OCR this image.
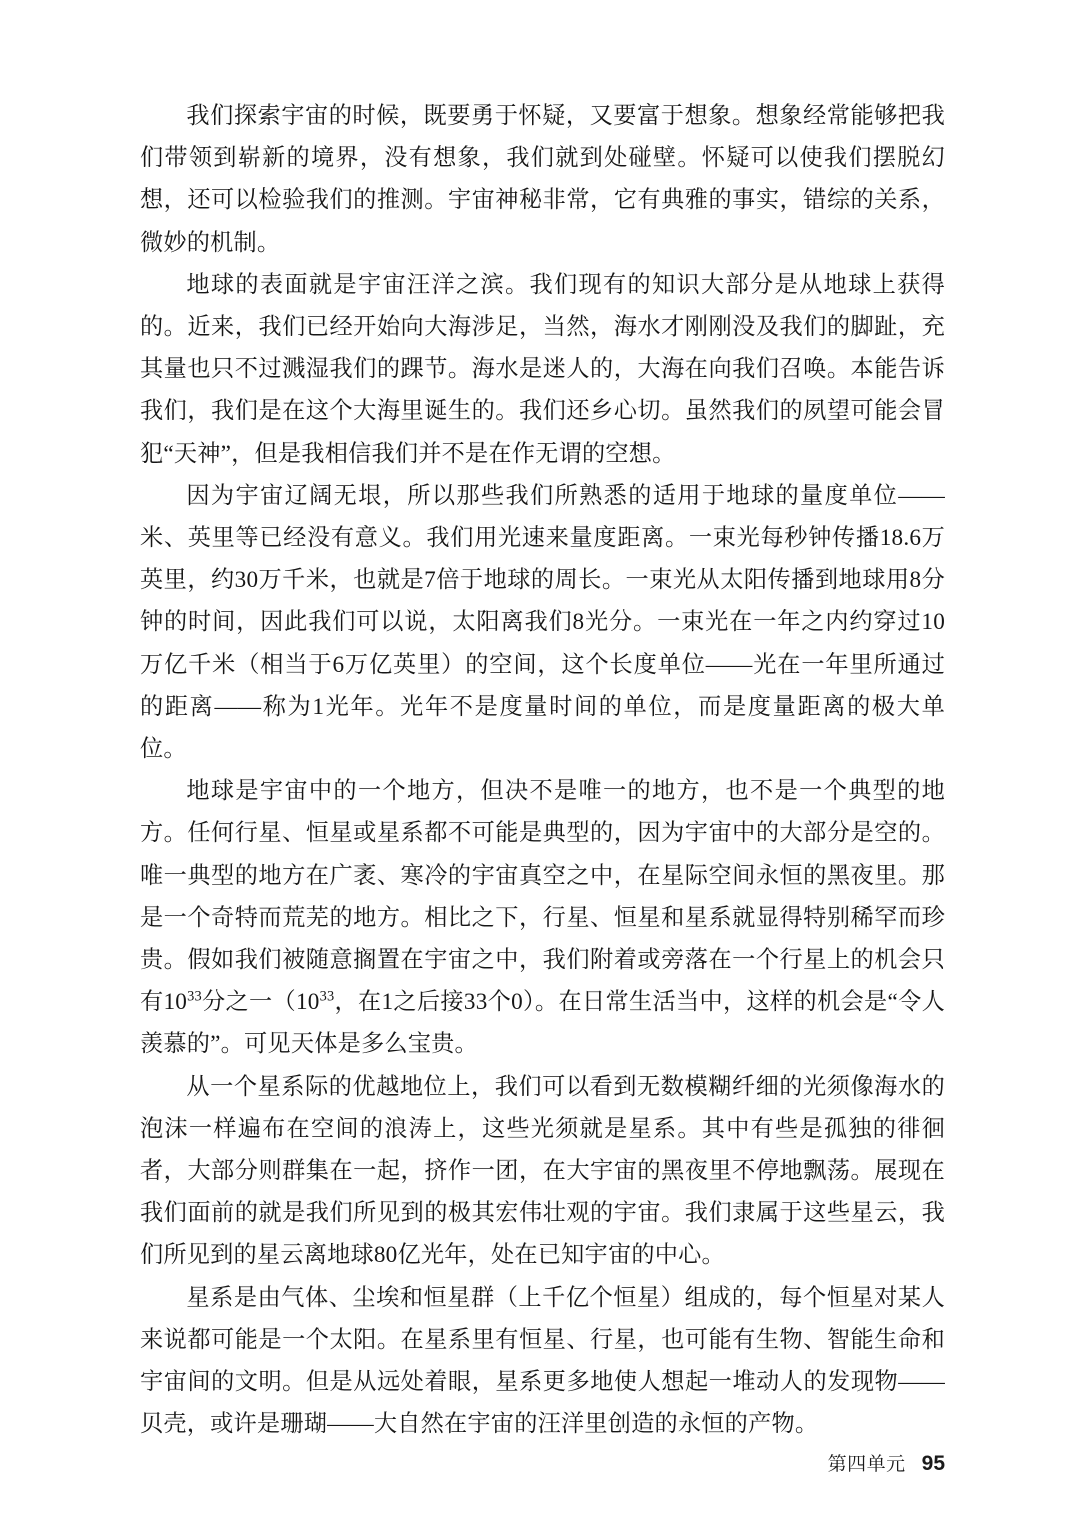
我们探索宇宙的时候，既要勇于怀疑，又要富于想象。想象经常能够把我们带领到崭新的境界，没有想象，我们就到处碰壁。怀疑可以使我们摆脱幻想，还可以检验我们的推测。宇宙神秘非常，它有典雅的事实，错综的关系，微妙的机制。

地球的表面就是宇宙汪洋之滨。我们现有的知识大部分是从地球上获得的。近来，我们已经开始向大海涉足，当然，海水才刚刚没及我们的脚趾，充其量也只不过溅湿我们的踝节。海水是迷人的，大海在向我们召唤。本能告诉我们，我们是在这个大海里诞生的。我们还乡心切。虽然我们的夙望可能会冒犯“天神”，但是我相信我们并不是在作无谓的空想。

因为宇宙辽阔无垠，所以那些我们所熟悉的适用于地球的量度单位——米、英里等已经没有意义。我们用光速来量度距离。一束光每秒钟传播18.6万英里，约30万千米，也就是7倍于地球的周长。一束光从太阳传播到地球用8分钟的时间，因此我们可以说，太阳离我们8光分。一束光在一年之内约穿过10万亿千米（相当于6万亿英里）的空间，这个长度单位——光在一年里所通过的距离——称为1光年。光年不是度量时间的单位，而是度量距离的极大单位。

地球是宇宙中的一个地方，但决不是唯一的地方，也不是一个典型的地方。任何行星、恒星或星系都不可能是典型的，因为宇宙中的大部分是空的。唯一典型的地方在广袤、寒冷的宇宙真空之中，在星际空间永恒的黑夜里。那是一个奇特而荒芜的地方。相比之下，行星、恒星和星系就显得特别稀罕而珍贵。假如我们被随意搁置在宇宙之中，我们附着或旁落在一个行星上的机会只有$10^{33}$分之一（$10^{33}$，在1之后接33个0）。在日常生活当中，这样的机会是“令人羡慕的”。可见天体是多么宝贵。

从一个星系际的优越地位上，我们可以看到无数模糊纤细的光须像海水的泡沫一样遍布在空间的浪涛上，这些光须就是星系。其中有些是孤独的徘徊者，大部分则群集在一起，挤作一团，在大宇宙的黑夜里不停地飘荡。展现在我们面前的就是我们所见到的极其宏伟壮观的宇宙。我们隶属于这些星云，我们所见到的星云离地球80亿光年，处在已知宇宙的中心。

星系是由气体、尘埃和恒星群（上千亿个恒星）组成的，每个恒星对某人来说都可能是一个太阳。在星系里有恒星、行星，也可能有生物、智能生命和宇宙间的文明。但是从远处着眼，星系更多地使人想起一堆动人的发现物——贝壳，或许是珊瑚——大自然在宇宙的汪洋里创造的永恒的产物。

第四单元 95
